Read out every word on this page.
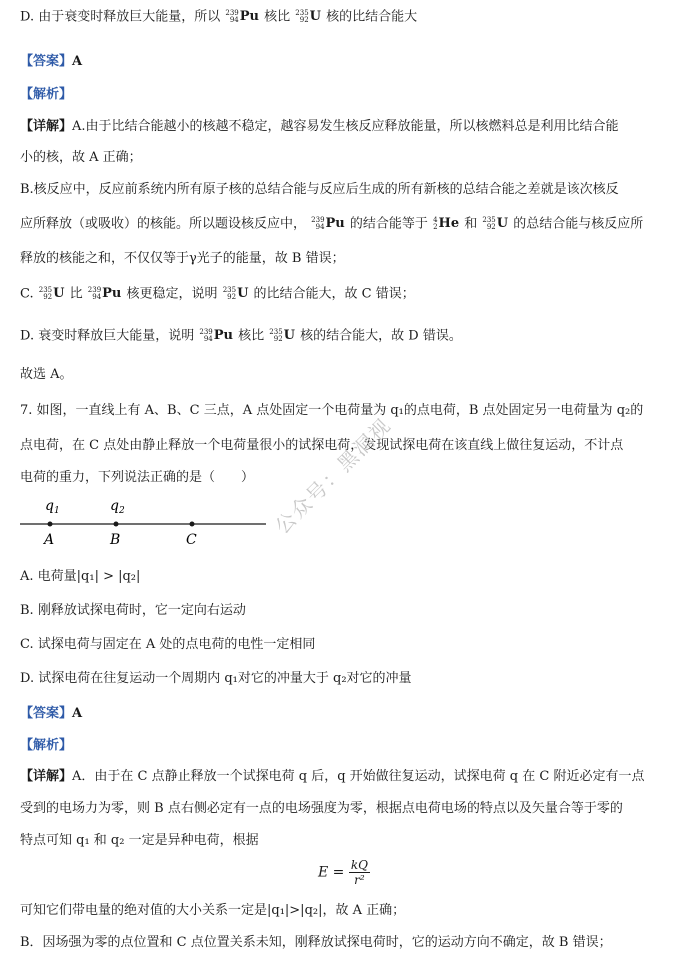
D. 由于衰变时释放巨大能量，所以 239
94 Pu 核比 235
92 U 核的比结合能大
【答案】A
【解析】
【详解】A.由于比结合能越小的核越不稳定，越容易发生核反应释放能量，所以核燃料总是利用比结合能
小的核，故 A 正确；
B.核反应中，反应前系统内所有原子核的总结合能与反应后生成的所有新核的总结合能之差就是该次核反
应所释放（或吸收）的核能。所以题设核反应中， 239
94 Pu 的结合能等于 4
2 He 和 235
92 U 的总结合能与核反应所
释放的核能之和，不仅仅等于γ光子的能量，故 B 错误；
C. 235
92 U 比 239
94 Pu 核更稳定，说明 235
92 U 的比结合能大，故 C 错误；
D. 衰变时释放巨大能量，说明 239
94 Pu 核比 235
92 U 核的结合能大，故 D 错误。
故选 A。
7. 如图，一直线上有 A、B、C 三点，A 点处固定一个电荷量为 q₁的点电荷，B 点处固定另一电荷量为 q₂的
点电荷，在 C 点处由静止释放一个电荷量很小的试探电荷，发现试探电荷在该直线上做往复运动，不计点
电荷的重力，下列说法正确的是（　　）
$q_1$	$q_2$
A	B	C
公众号：黑洞视
A. 电荷量|q₁| > |q₂|
B. 刚释放试探电荷时，它一定向右运动
C. 试探电荷与固定在 A 处的点电荷的电性一定相同
D. 试探电荷在往复运动一个周期内 q₁对它的冲量大于 q₂对它的冲量
【答案】A
【解析】
【详解】A．由于在 C 点静止释放一个试探电荷 q 后，q 开始做往复运动，试探电荷 q 在 C 附近必定有一点
受到的电场力为零，则 B 点右侧必定有一点的电场强度为零，根据点电荷电场的特点以及矢量合等于零的
特点可知 q₁ 和 q₂ 一定是异种电荷，根据
$E = \frac{kQ}{\text{r²}}$
可知它们带电量的绝对值的大小关系一定是|q₁|>|q₂|，故 A 正确；
B．因场强为零的点位置和 C 点位置关系未知，刚释放试探电荷时，它的运动方向不确定，故 B 错误；
